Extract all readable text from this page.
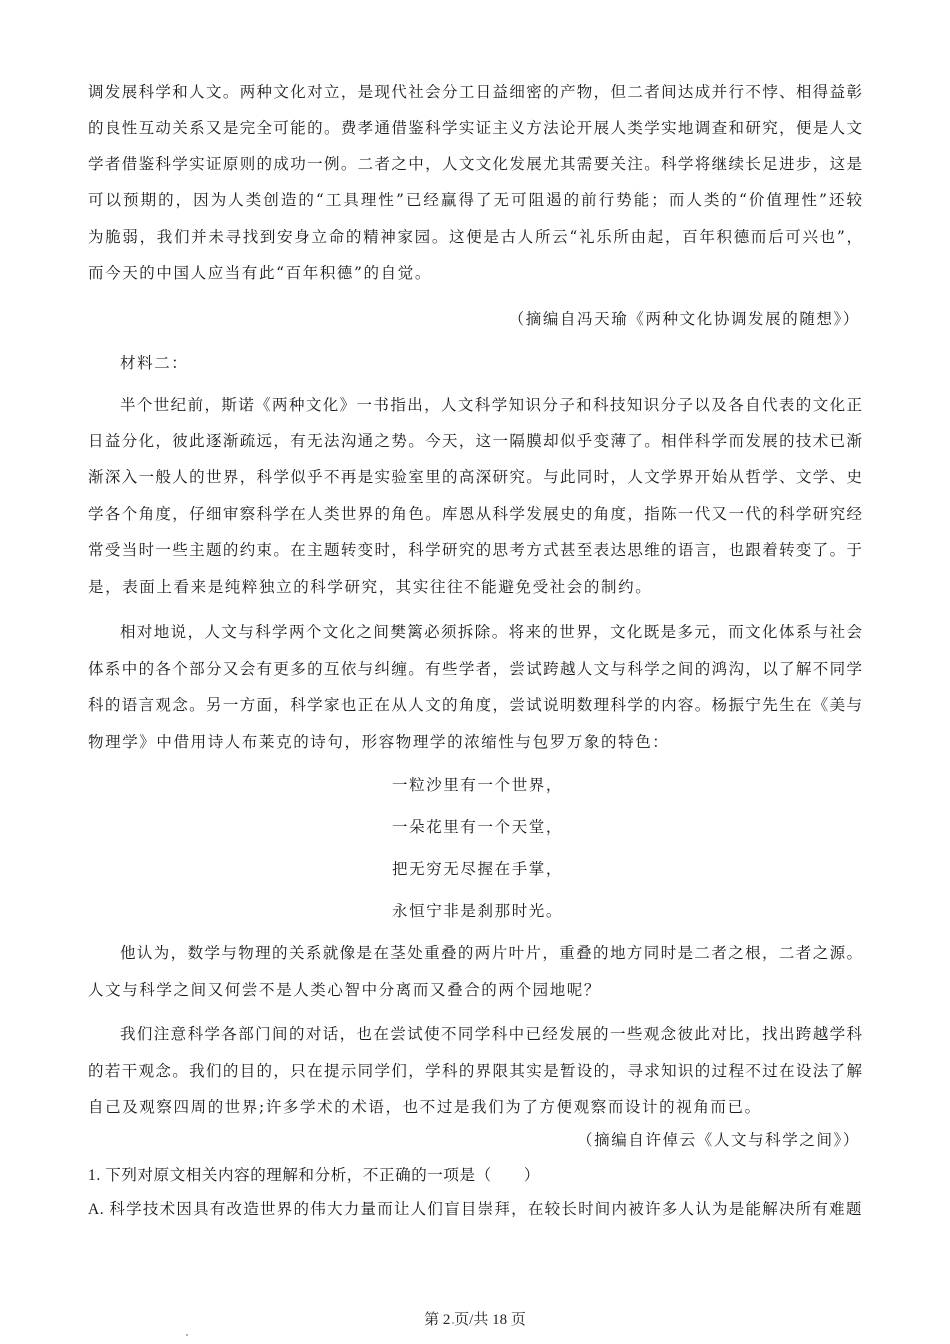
调发展科学和人文。两种文化对立，是现代社会分工日益细密的产物，但二者间达成并行不悖、相得益彰
的良性互动关系又是完全可能的。费孝通借鉴科学实证主义方法论开展人类学实地调查和研究，便是人文
学者借鉴科学实证原则的成功一例。二者之中，人文文化发展尤其需要关注。科学将继续长足进步，这是
可以预期的，因为人类创造的“工具理性”已经赢得了无可阻遏的前行势能；而人类的“价值理性”还较
为脆弱，我们并未寻找到安身立命的精神家园。这便是古人所云“礼乐所由起，百年积德而后可兴也”，
而今天的中国人应当有此“百年积德”的自觉。
（摘编自冯天瑜《两种文化协调发展的随想》）
材料二：
半个世纪前，斯诺《两种文化》一书指出，人文科学知识分子和科技知识分子以及各自代表的文化正
日益分化，彼此逐渐疏远，有无法沟通之势。今天，这一隔膜却似乎变薄了。相伴科学而发展的技术已渐
渐深入一般人的世界，科学似乎不再是实验室里的高深研究。与此同时，人文学界开始从哲学、文学、史
学各个角度，仔细审察科学在人类世界的角色。库恩从科学发展史的角度，指陈一代又一代的科学研究经
常受当时一些主题的约束。在主题转变时，科学研究的思考方式甚至表达思维的语言，也跟着转变了。于
是，表面上看来是纯粹独立的科学研究，其实往往不能避免受社会的制约。
相对地说，人文与科学两个文化之间樊篱必须拆除。将来的世界，文化既是多元，而文化体系与社会
体系中的各个部分又会有更多的互依与纠缠。有些学者，尝试跨越人文与科学之间的鸿沟，以了解不同学
科的语言观念。另一方面，科学家也正在从人文的角度，尝试说明数理科学的内容。杨振宁先生在《美与
物理学》中借用诗人布莱克的诗句，形容物理学的浓缩性与包罗万象的特色：
一粒沙里有一个世界，
一朵花里有一个天堂，
把无穷无尽握在手掌，
永恒宁非是刹那时光。
他认为，数学与物理的关系就像是在茎处重叠的两片叶片，重叠的地方同时是二者之根，二者之源。
人文与科学之间又何尝不是人类心智中分离而又叠合的两个园地呢？
我们注意科学各部门间的对话，也在尝试使不同学科中已经发展的一些观念彼此对比，找出跨越学科
的若干观念。我们的目的，只在提示同学们，学科的界限其实是暂设的，寻求知识的过程不过在设法了解
自己及观察四周的世界;许多学术的术语，也不过是我们为了方便观察而设计的视角而已。
（摘编自许倬云《人文与科学之间》）
1. 下列对原文相关内容的理解和分析，不正确的一项是（　　）
A. 科学技术因具有改造世界的伟大力量而让人们盲目崇拜，在较长时间内被许多人认为是能解决所有难题
第 2 页/共 18 页
